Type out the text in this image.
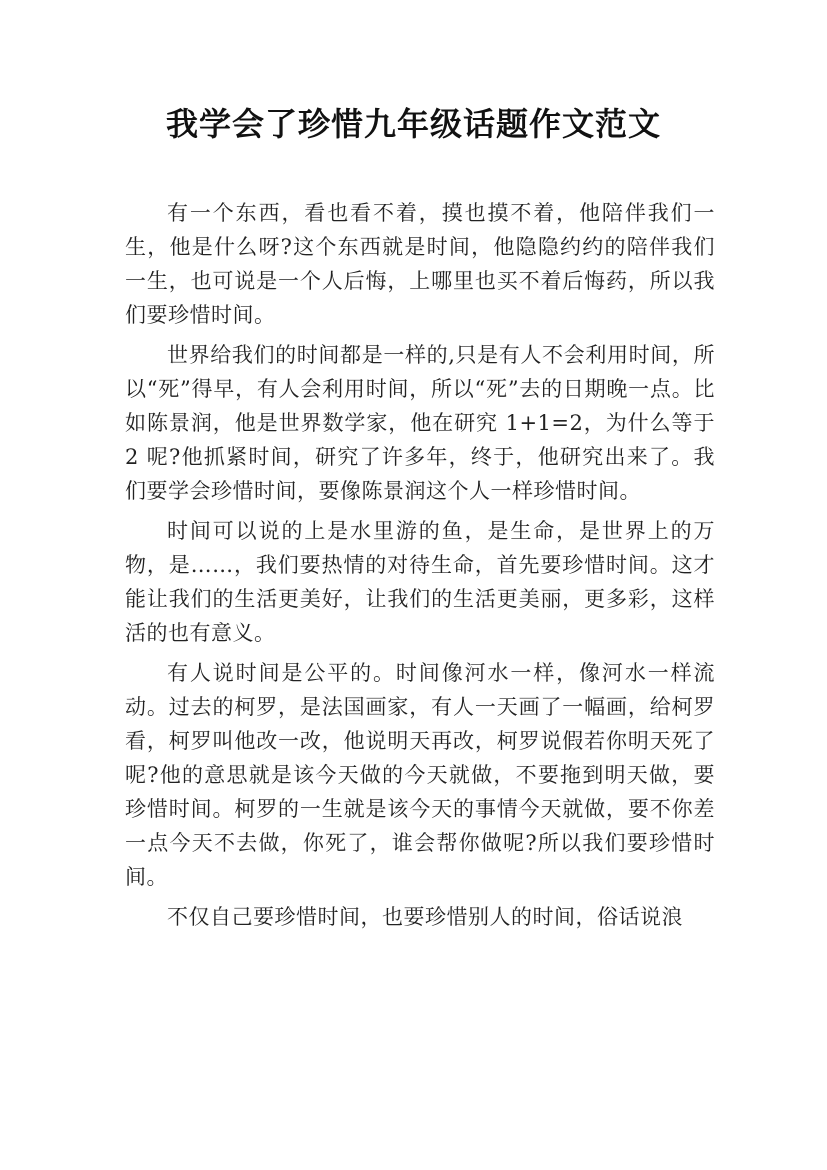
我学会了珍惜九年级话题作文范文

有一个东西，看也看不着，摸也摸不着，他陪伴我们一生，他是什么呀?这个东西就是时间，他隐隐约约的陪伴我们一生，也可说是一个人后悔，上哪里也买不着后悔药，所以我们要珍惜时间。

世界给我们的时间都是一样的,只是有人不会利用时间，所以“死”得早，有人会利用时间，所以“死”去的日期晚一点。比如陈景润，他是世界数学家，他在研究 1+1=2，为什么等于 2 呢?他抓紧时间，研究了许多年，终于，他研究出来了。我们要学会珍惜时间，要像陈景润这个人一样珍惜时间。

时间可以说的上是水里游的鱼，是生命，是世界上的万物，是……，我们要热情的对待生命，首先要珍惜时间。这才能让我们的生活更美好，让我们的生活更美丽，更多彩，这样活的也有意义。

有人说时间是公平的。时间像河水一样，像河水一样流动。过去的柯罗，是法国画家，有人一天画了一幅画，给柯罗看，柯罗叫他改一改，他说明天再改，柯罗说假若你明天死了呢?他的意思就是该今天做的今天就做，不要拖到明天做，要珍惜时间。柯罗的一生就是该今天的事情今天就做，要不你差一点今天不去做，你死了，谁会帮你做呢?所以我们要珍惜时间。

不仅自己要珍惜时间，也要珍惜别人的时间，俗话说浪
